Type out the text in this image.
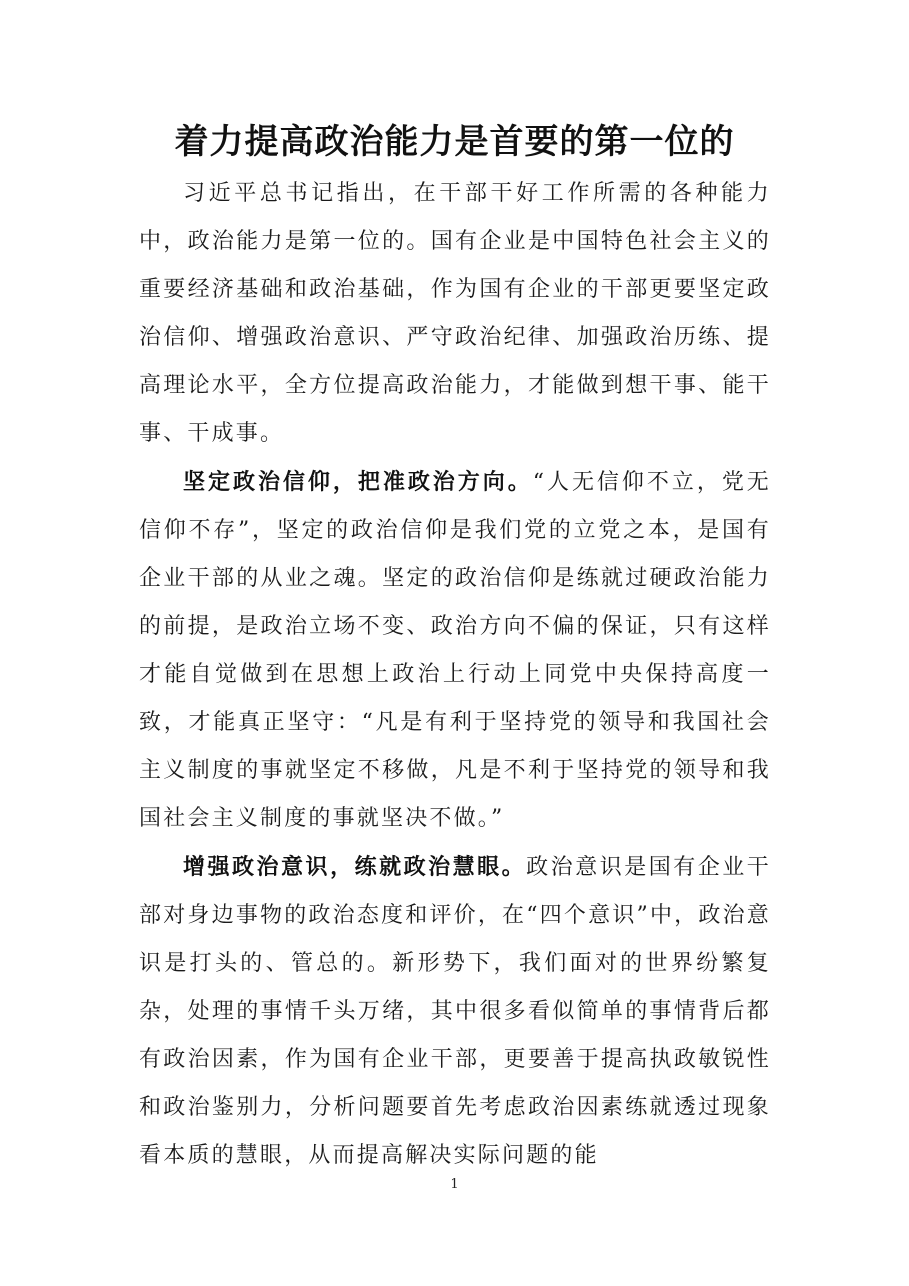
着力提高政治能力是首要的第一位的

习近平总书记指出，在干部干好工作所需的各种能力中，政治能力是第一位的。国有企业是中国特色社会主义的重要经济基础和政治基础，作为国有企业的干部更要坚定政治信仰、增强政治意识、严守政治纪律、加强政治历练、提高理论水平，全方位提高政治能力，才能做到想干事、能干事、干成事。

坚定政治信仰，把准政治方向。“人无信仰不立，党无信仰不存”，坚定的政治信仰是我们党的立党之本，是国有企业干部的从业之魂。坚定的政治信仰是练就过硬政治能力的前提，是政治立场不变、政治方向不偏的保证，只有这样才能自觉做到在思想上政治上行动上同党中央保持高度一致，才能真正坚守：“凡是有利于坚持党的领导和我国社会主义制度的事就坚定不移做，凡是不利于坚持党的领导和我国社会主义制度的事就坚决不做。”

增强政治意识，练就政治慧眼。政治意识是国有企业干部对身边事物的政治态度和评价，在“四个意识”中，政治意识是打头的、管总的。新形势下，我们面对的世界纷繁复杂，处理的事情千头万绪，其中很多看似简单的事情背后都有政治因素，作为国有企业干部，更要善于提高执政敏锐性和政治鉴别力，分析问题要首先考虑政治因素练就透过现象看本质的慧眼，从而提高解决实际问题的能

1
